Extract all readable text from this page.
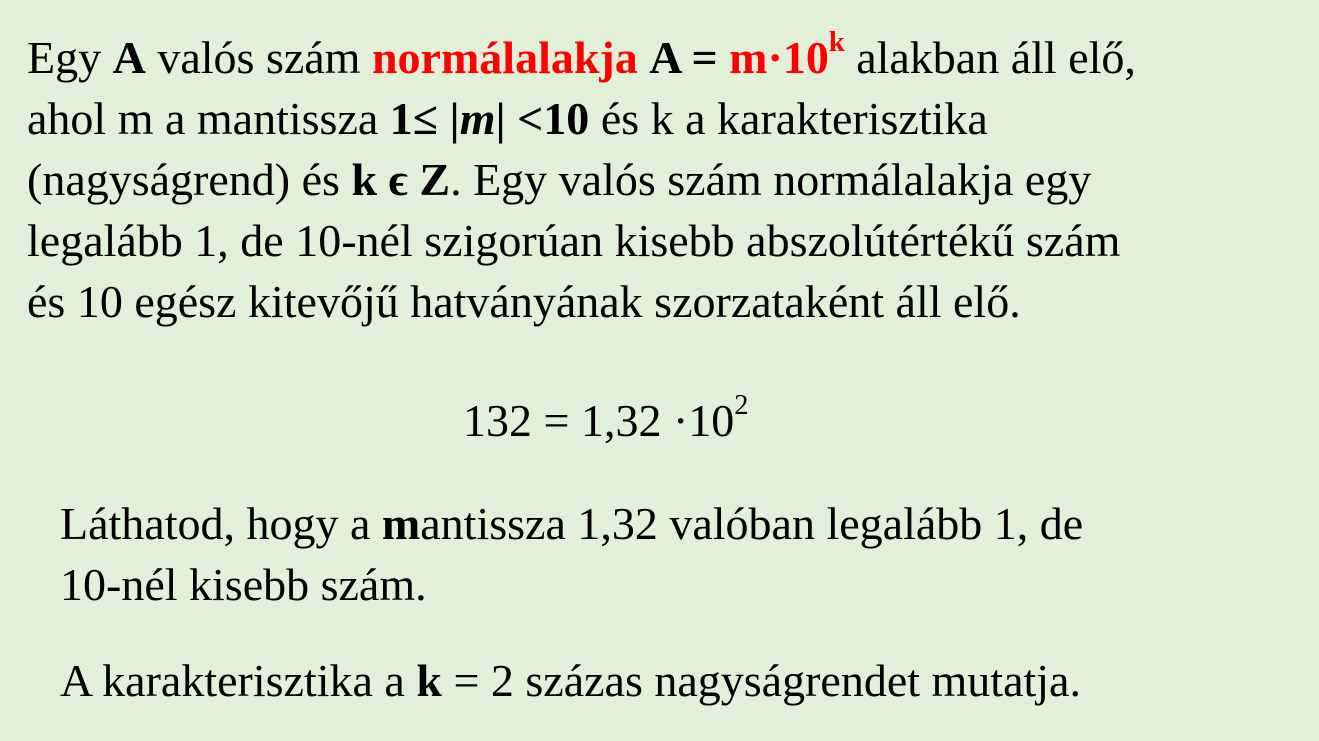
Egy A valós szám normálalakja $A = m\cdot 10^k$ alakban áll elő,
ahol m a mantissza 1≤ |m| <10 és k a karakterisztika
(nagyságrend) és k ϵ Z. Egy valós szám normálalakja egy
legalább 1, de 10-nél szigorúan kisebb abszolútértékű szám
és 10 egész kitevőjű hatványának szorzataként áll elő.
$132 = 1,32 \cdot 10^2$
Láthatod, hogy a mantissza 1,32 valóban legalább 1, de
10-nél kisebb szám.
A karakterisztika a k = 2 százas nagyságrendet mutatja.
